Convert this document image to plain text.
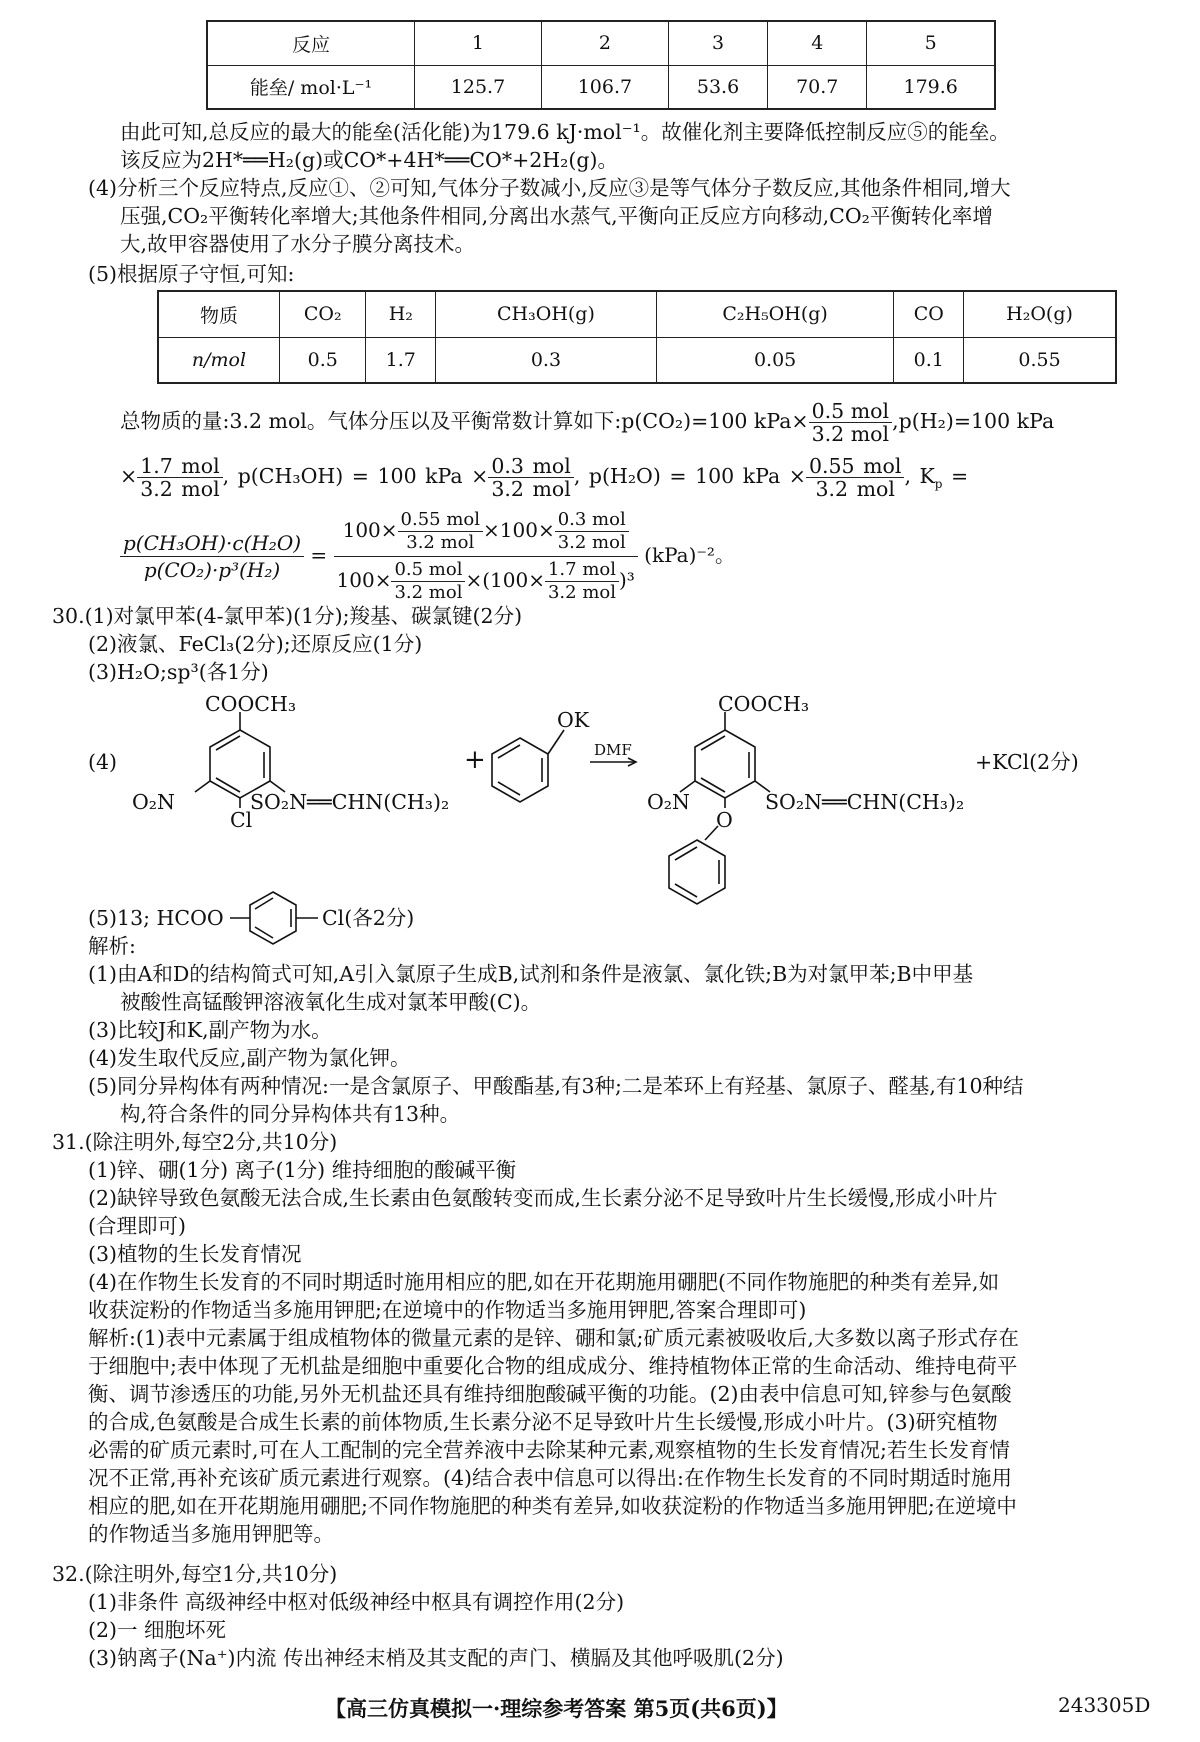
反应	1	2	3	4	5
能垒/ mol·L⁻¹	125.7	106.7	53.6	70.7	179.6
由此可知,总反应的最大的能垒(活化能)为179.6 kJ·mol⁻¹。故催化剂主要降低控制反应⑤的能垒。
该反应为2H*══H₂(g)或CO*+4H*══CO*+2H₂(g)。
(4)分析三个反应特点,反应①、②可知,气体分子数减小,反应③是等气体分子数反应,其他条件相同,增大
压强,CO₂平衡转化率增大;其他条件相同,分离出水蒸气,平衡向正反应方向移动,CO₂平衡转化率增
大,故甲容器使用了水分子膜分离技术。
(5)根据原子守恒,可知:
物质	CO₂	H₂	CH₃OH(g)	C₂H₅OH(g)	CO	H₂O(g)
n/mol	0.5	1.7	0.3	0.05	0.1	0.55
总物质的量:3.2 mol。气体分压以及平衡常数计算如下:p(CO₂)=100 $kPa\times \frac{\text{0.5 mol}}{\text{3.2 mol}} ,p(H_2)=100$ kPa
× $\frac{\text{1.7 mol}}{\text{3.2 mol}}$ , p(CH₃OH) = 100 kPa × $\frac{\text{0.3 mol}}{\text{3.2 mol}}$ , p(H₂O) = 100 kPa × $\frac{\text{0.55 mol}}{\text{3.2 mol}}$ , $K_p$ =
$\frac{\text{p(CH₃OH)·c(H₂O)}}{\text{p(CO₂)·p³(H₂)}} = \frac{100\times \frac{\text{0.55 mol}}{\text{3.2 mol}} \times 100\times \frac{\text{0.3 mol}}{\text{3.2 mol}}}{100\times \frac{\text{0.5 mol}}{\text{3.2 mol}} \times(100\times \frac{\text{1.7 mol}}{\text{3.2 mol}} )^3} (kPa)^{-2}$。
30.(1)对氯甲苯(4-氯甲苯)(1分);羧基、碳氯键(2分)
(2)液氯、FeCl₃(2分);还原反应(1分)
(3)H₂O;sp³(各1分)
(4)
COOCH₃
O₂N
Cl
SO₂N══CHN(CH₃)₂
+
OK
DMF
COOCH₃
O₂N
O
SO₂N══CHN(CH₃)₂
+KCl(2分)
(5)13; HCOO	Cl(各2分)
解析:
(1)由A和D的结构简式可知,A引入氯原子生成B,试剂和条件是液氯、氯化铁;B为对氯甲苯;B中甲基
被酸性高锰酸钾溶液氧化生成对氯苯甲酸(C)。
(3)比较J和K,副产物为水。
(4)发生取代反应,副产物为氯化钾。
(5)同分异构体有两种情况:一是含氯原子、甲酸酯基,有3种;二是苯环上有羟基、氯原子、醛基,有10种结
构,符合条件的同分异构体共有13种。
31.(除注明外,每空2分,共10分)
(1)锌、硼(1分) 离子(1分) 维持细胞的酸碱平衡
(2)缺锌导致色氨酸无法合成,生长素由色氨酸转变而成,生长素分泌不足导致叶片生长缓慢,形成小叶片
(合理即可)
(3)植物的生长发育情况
(4)在作物生长发育的不同时期适时施用相应的肥,如在开花期施用硼肥(不同作物施肥的种类有差异,如
收获淀粉的作物适当多施用钾肥;在逆境中的作物适当多施用钾肥,答案合理即可)
解析:(1)表中元素属于组成植物体的微量元素的是锌、硼和氯;矿质元素被吸收后,大多数以离子形式存在
于细胞中;表中体现了无机盐是细胞中重要化合物的组成成分、维持植物体正常的生命活动、维持电荷平
衡、调节渗透压的功能,另外无机盐还具有维持细胞酸碱平衡的功能。(2)由表中信息可知,锌参与色氨酸
的合成,色氨酸是合成生长素的前体物质,生长素分泌不足导致叶片生长缓慢,形成小叶片。(3)研究植物
必需的矿质元素时,可在人工配制的完全营养液中去除某种元素,观察植物的生长发育情况;若生长发育情
况不正常,再补充该矿质元素进行观察。(4)结合表中信息可以得出:在作物生长发育的不同时期适时施用
相应的肥,如在开花期施用硼肥;不同作物施肥的种类有差异,如收获淀粉的作物适当多施用钾肥;在逆境中
的作物适当多施用钾肥等。
32.(除注明外,每空1分,共10分)
(1)非条件 高级神经中枢对低级神经中枢具有调控作用(2分)
(2)一 细胞坏死
(3)钠离子(Na⁺)内流 传出神经末梢及其支配的声门、横膈及其他呼吸肌(2分)
【高三仿真模拟一·理综参考答案 第5页(共6页)】	243305D
